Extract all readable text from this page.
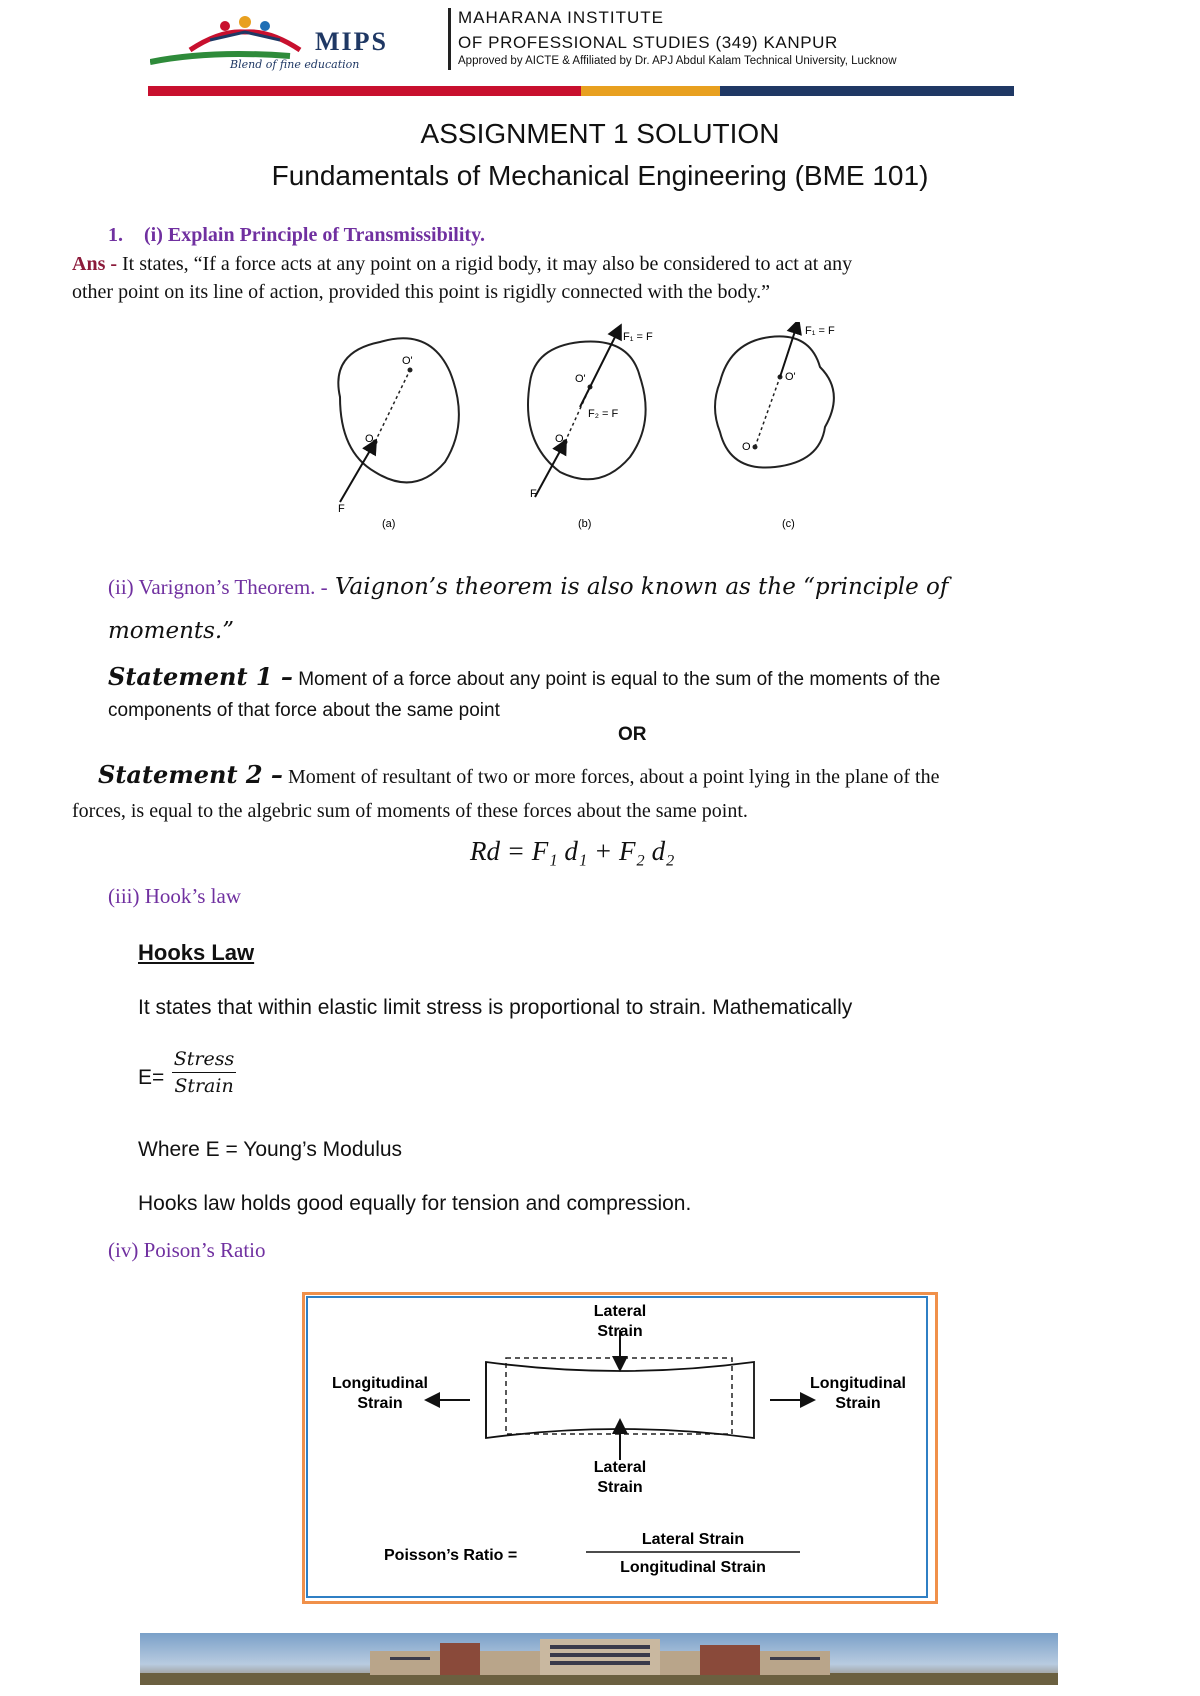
MIPS
Blend of fine education
MAHARANA INSTITUTE
OF PROFESSIONAL STUDIES (349) KANPUR
Approved by AICTE & Affiliated by Dr. APJ Abdul Kalam Technical University, Lucknow
ASSIGNMENT 1 SOLUTION
Fundamentals of Mechanical Engineering (BME 101)
1. (i) Explain Principle of Transmissibility.
Ans - It states, “If a force acts at any point on a rigid body, it may also be considered to act at any
other point on its line of action, provided this point is rigidly connected with the body.”
O'
O
F
(a)
O'
O
F₁ = F
F₂ = F
F
(b)
O'
O
F₁ = F
(c)
(ii) Varignon’s Theorem. - Vaignon’s theorem is also known as the “principle of
moments.”
Statement 1 – Moment of a force about any point is equal to the sum of the moments of the
components of that force about the same point
OR
Statement 2 – Moment of resultant of two or more forces, about a point lying in the plane of the
forces, is equal to the algebric sum of moments of these forces about the same point.
Rd = F₁ d₁ + F₂ d₂
(iii) Hook’s law
Hooks Law
It states that within elastic limit stress is proportional to strain. Mathematically
E=
Stress
Strain
Where E = Young’s Modulus
Hooks law holds good equally for tension and compression.
(iv) Poison’s Ratio
Lateral
Strain
Lateral
Strain
Longitudinal
Strain
Longitudinal
Strain
Poisson’s Ratio =
Lateral Strain
Longitudinal Strain
